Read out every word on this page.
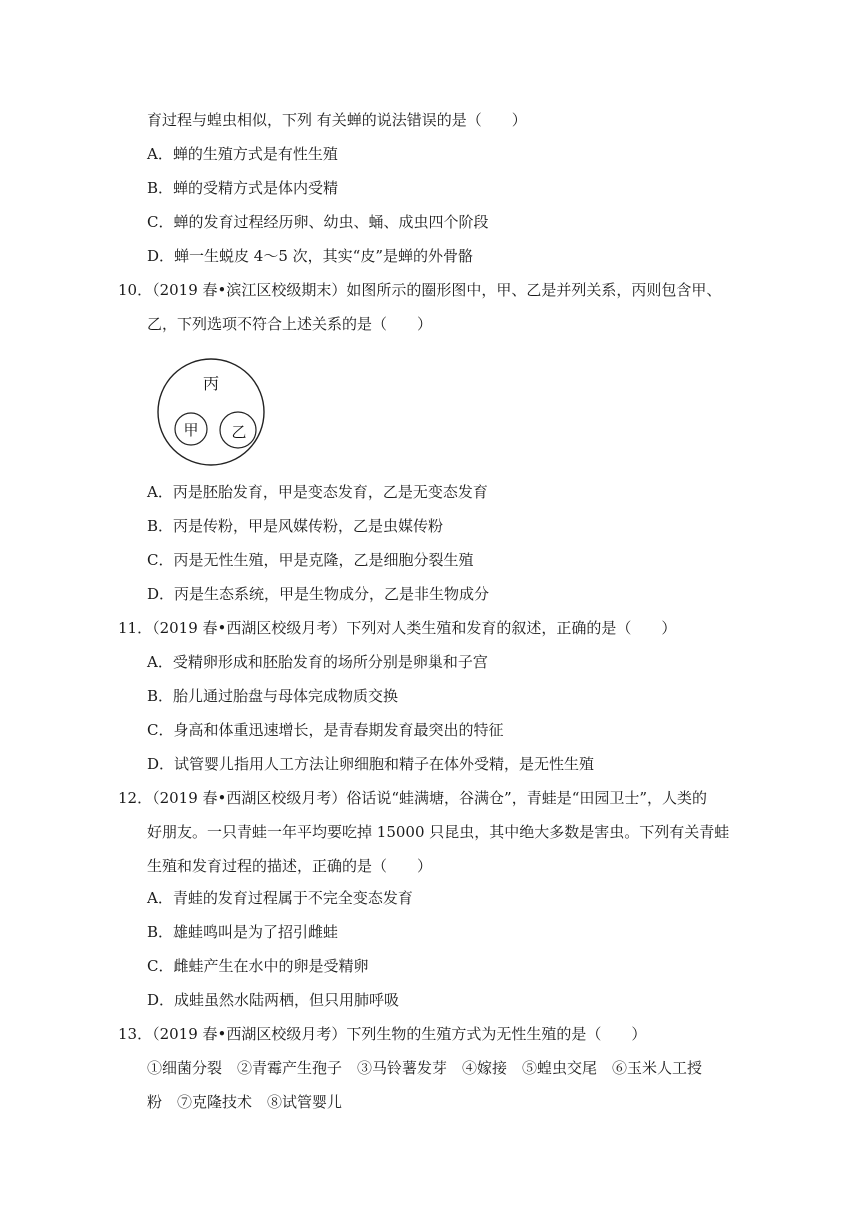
育过程与蝗虫相似，下列 有关蝉的说法错误的是（　　）
A．蝉的生殖方式是有性生殖
B．蝉的受精方式是体内受精
C．蝉的发育过程经历卵、幼虫、蛹、成虫四个阶段
D．蝉一生蜕皮 4～5 次，其实“皮”是蝉的外骨骼
10．（2019 春•滨江区校级期末）如图所示的圈形图中，甲、乙是并列关系，丙则包含甲、
乙，下列选项不符合上述关系的是（　　）
丙
甲 乙
A．丙是胚胎发育，甲是变态发育，乙是无变态发育
B．丙是传粉，甲是风媒传粉，乙是虫媒传粉
C．丙是无性生殖，甲是克隆，乙是细胞分裂生殖
D．丙是生态系统，甲是生物成分，乙是非生物成分
11．（2019 春•西湖区校级月考）下列对人类生殖和发育的叙述，正确的是（　　）
A．受精卵形成和胚胎发育的场所分别是卵巢和子宫
B．胎儿通过胎盘与母体完成物质交换
C．身高和体重迅速增长，是青春期发育最突出的特征
D．试管婴儿指用人工方法让卵细胞和精子在体外受精，是无性生殖
12．（2019 春•西湖区校级月考）俗话说“蛙满塘，谷满仓”，青蛙是“田园卫士”，人类的
好朋友。一只青蛙一年平均要吃掉 15000 只昆虫，其中绝大多数是害虫。下列有关青蛙
生殖和发育过程的描述，正确的是（　　）
A．青蛙的发育过程属于不完全变态发育
B．雄蛙鸣叫是为了招引雌蛙
C．雌蛙产生在水中的卵是受精卵
D．成蛙虽然水陆两栖，但只用肺呼吸
13．（2019 春•西湖区校级月考）下列生物的生殖方式为无性生殖的是（　　）
①细菌分裂　②青霉产生孢子　③马铃薯发芽　④嫁接　⑤蝗虫交尾　⑥玉米人工授
粉　⑦克隆技术　⑧试管婴儿
